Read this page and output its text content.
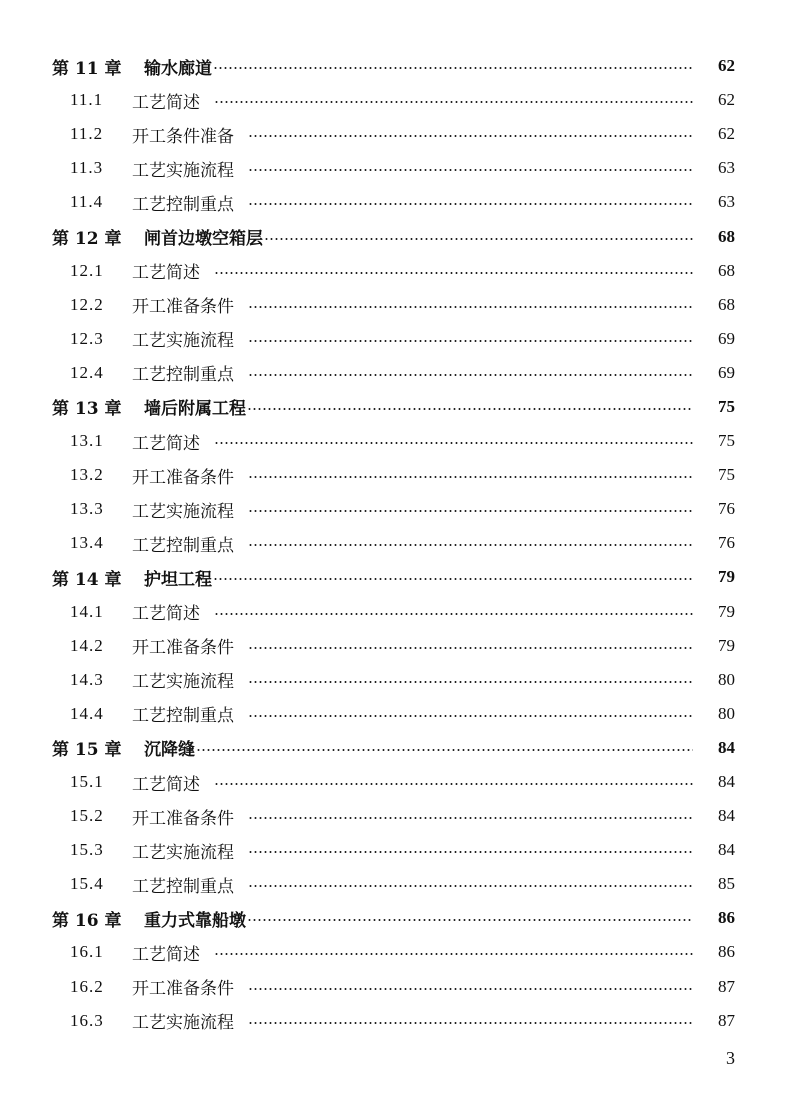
第 11 章	输水廊道	62
11.1	工艺简述	62
11.2	开工条件准备	62
11.3	工艺实施流程	63
11.4	工艺控制重点	63
第 12 章	闸首边墩空箱层	68
12.1	工艺简述	68
12.2	开工准备条件	68
12.3	工艺实施流程	69
12.4	工艺控制重点	69
第 13 章	墙后附属工程	75
13.1	工艺简述	75
13.2	开工准备条件	75
13.3	工艺实施流程	76
13.4	工艺控制重点	76
第 14 章	护坦工程	79
14.1	工艺简述	79
14.2	开工准备条件	79
14.3	工艺实施流程	80
14.4	工艺控制重点	80
第 15 章	沉降缝	84
15.1	工艺简述	84
15.2	开工准备条件	84
15.3	工艺实施流程	84
15.4	工艺控制重点	85
第 16 章	重力式靠船墩	86
16.1	工艺简述	86
16.2	开工准备条件	87
16.3	工艺实施流程	87
3
